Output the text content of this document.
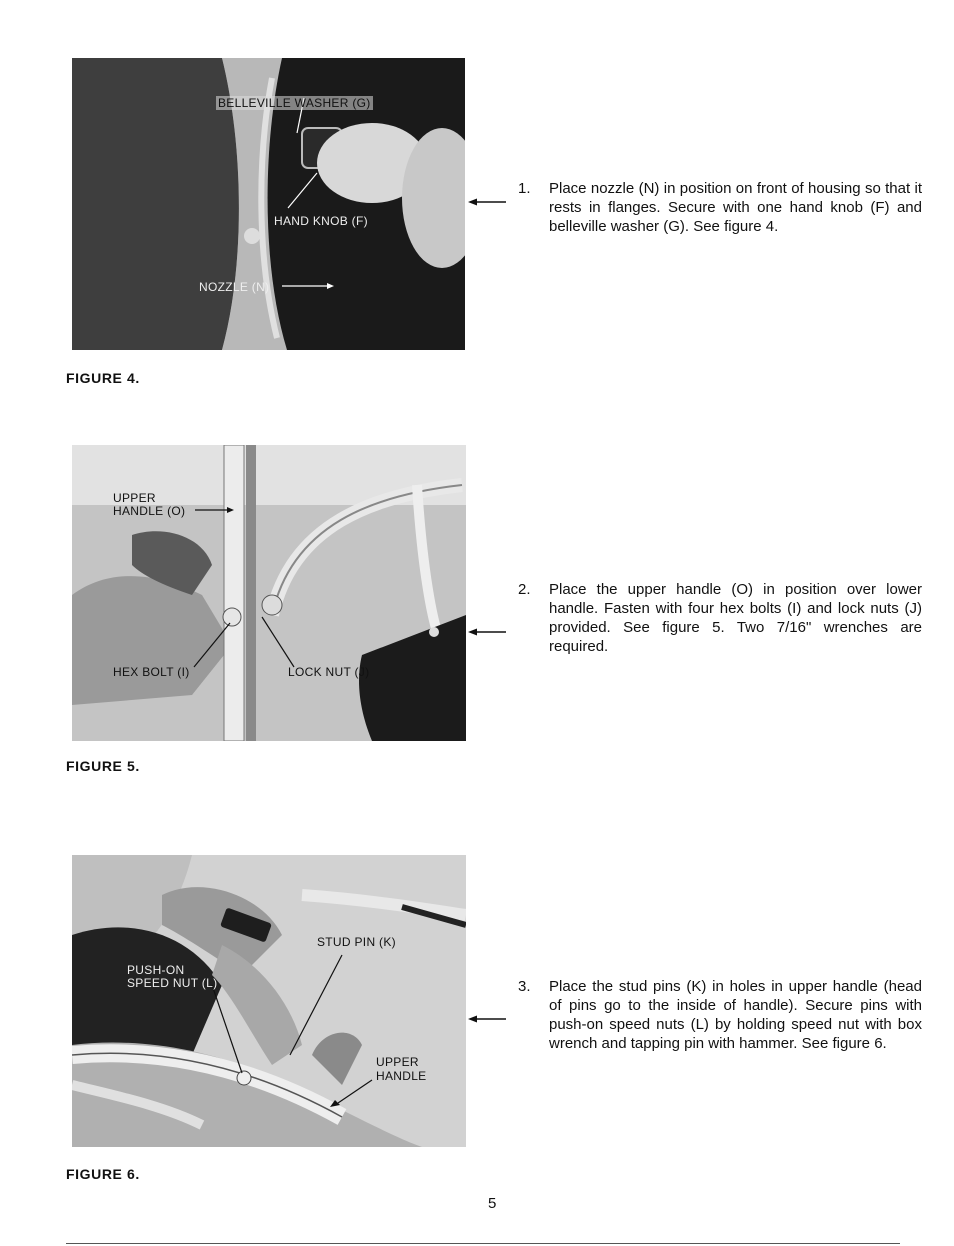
BELLEVILLE WASHER (G)
HAND KNOB (F)
NOZZLE (N)
FIGURE 4.
1.	Place nozzle (N) in position on front of housing so that it rests in flanges. Secure with one hand knob (F) and belleville washer (G). See figure 4.
UPPER
HANDLE (O)
HEX BOLT (I)	LOCK NUT (J)
FIGURE 5.
2.	Place the upper handle (O) in position over lower handle. Fasten with four hex bolts (I) and lock nuts (J) provided. See figure 5. Two 7/16" wrenches are required.
PUSH-ON
SPEED NUT (L)
STUD PIN (K)
UPPER
HANDLE
FIGURE 6.
3.	Place the stud pins (K) in holes in upper handle (head of pins go to the inside of handle). Secure pins with push-on speed nuts (L) by holding speed nut with box wrench and tapping pin with hammer. See figure 6.
5
